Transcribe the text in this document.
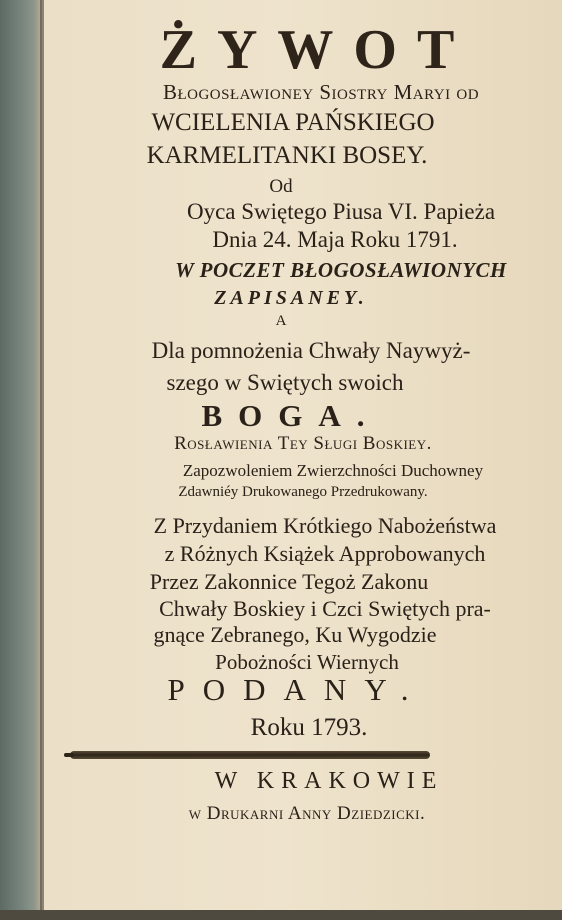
ŻYWOT
Błogosławioney Siostry Maryi od
WCIELENIA PAŃSKIEGO
KARMELITANKI BOSEY.
Od
Oyca Swiętego Piusa VI. Papieża
Dnia 24. Maja Roku 1791.
W POCZET BŁOGOSŁAWIONYCH
ZAPISANEY.
A
Dla pomnożenia Chwały Naywyż-
szego w Swiętych swoich
BOGA.
Rosławienia Tey Sługi Boskiey.
Zapozwoleniem Zwierzchności Duchowney
Zdawniéy Drukowanego Przedrukowany.
Z Przydaniem Krótkiego Nabożeństwa
z Różnych Książek Approbowanych
Przez Zakonnice Tegoż Zakonu
Chwały Boskiey i Czci Swiętych pra-
gnące Zebranego, Ku Wygodzie
Pobożności Wiernych
PODANY.
Roku 1793.
W KRAKOWIE
w Drukarni Anny Dziedzicki.
